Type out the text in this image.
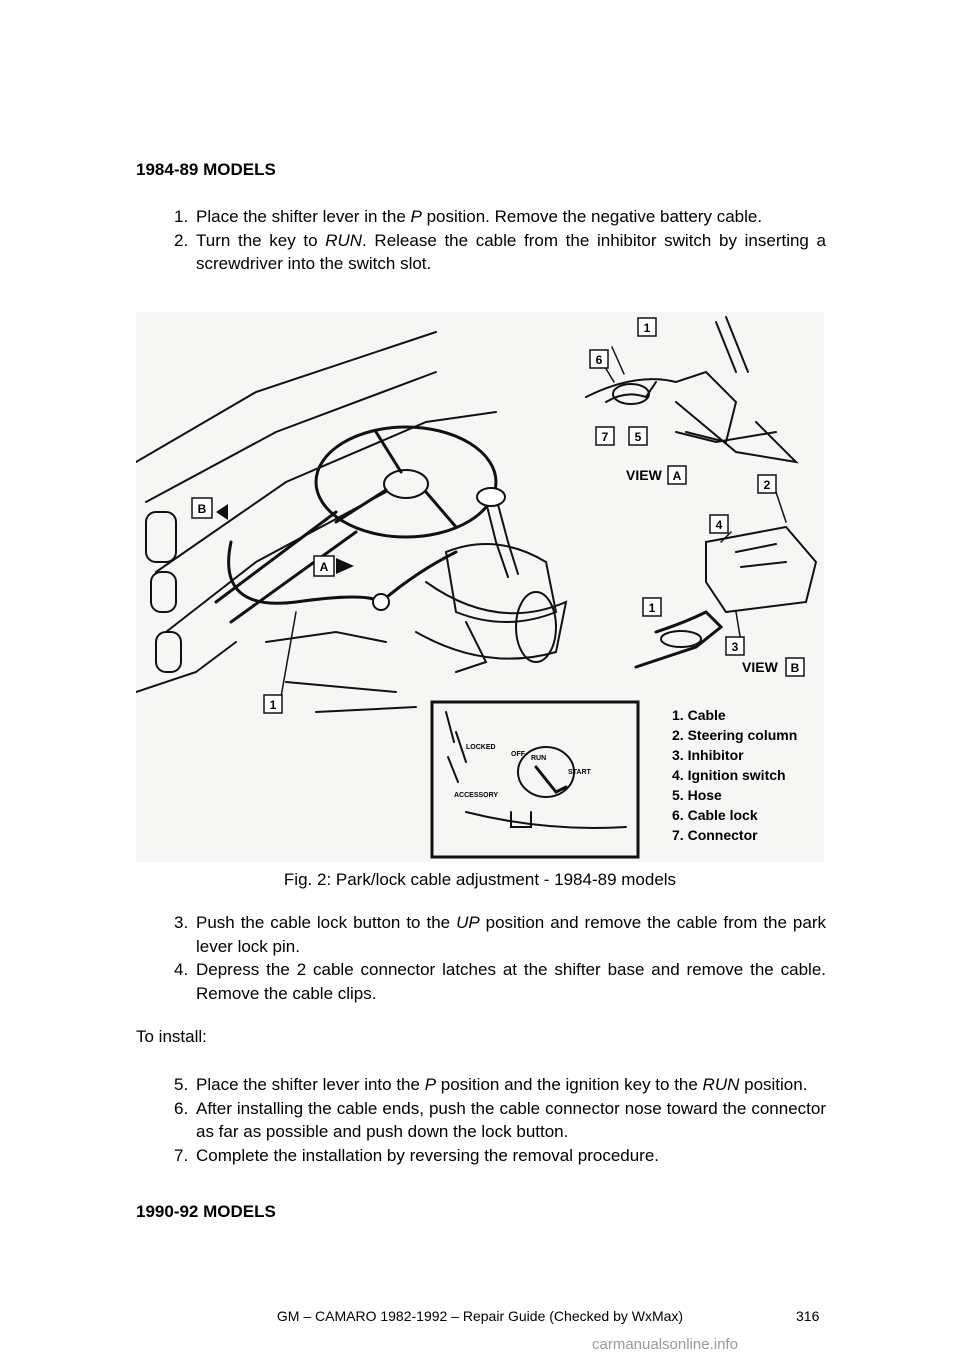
1984-89 MODELS
1. Place the shifter lever in the P position. Remove the negative battery cable.
2. Turn the key to RUN. Release the cable from the inhibitor switch by inserting a screwdriver into the switch slot.
1
6
7 5
2
4
1
3
1
B
A
VIEW A
VIEW B
LOCKED
OFF
RUN
START
ACCESSORY
1. Cable
2. Steering column
3. Inhibitor
4. Ignition switch
5. Hose
6. Cable lock
7. Connector
Fig. 2: Park/lock cable adjustment - 1984-89 models
3. Push the cable lock button to the UP position and remove the cable from the park lever lock pin.
4. Depress the 2 cable connector latches at the shifter base and remove the cable. Remove the cable clips.
To install:
5. Place the shifter lever into the P position and the ignition key to the RUN position.
6. After installing the cable ends, push the cable connector nose toward the connector as far as possible and push down the lock button.
7. Complete the installation by reversing the removal procedure.
1990-92 MODELS
GM – CAMARO 1982-1992 – Repair Guide (Checked by WxMax)	316
carmanualsonline.info
